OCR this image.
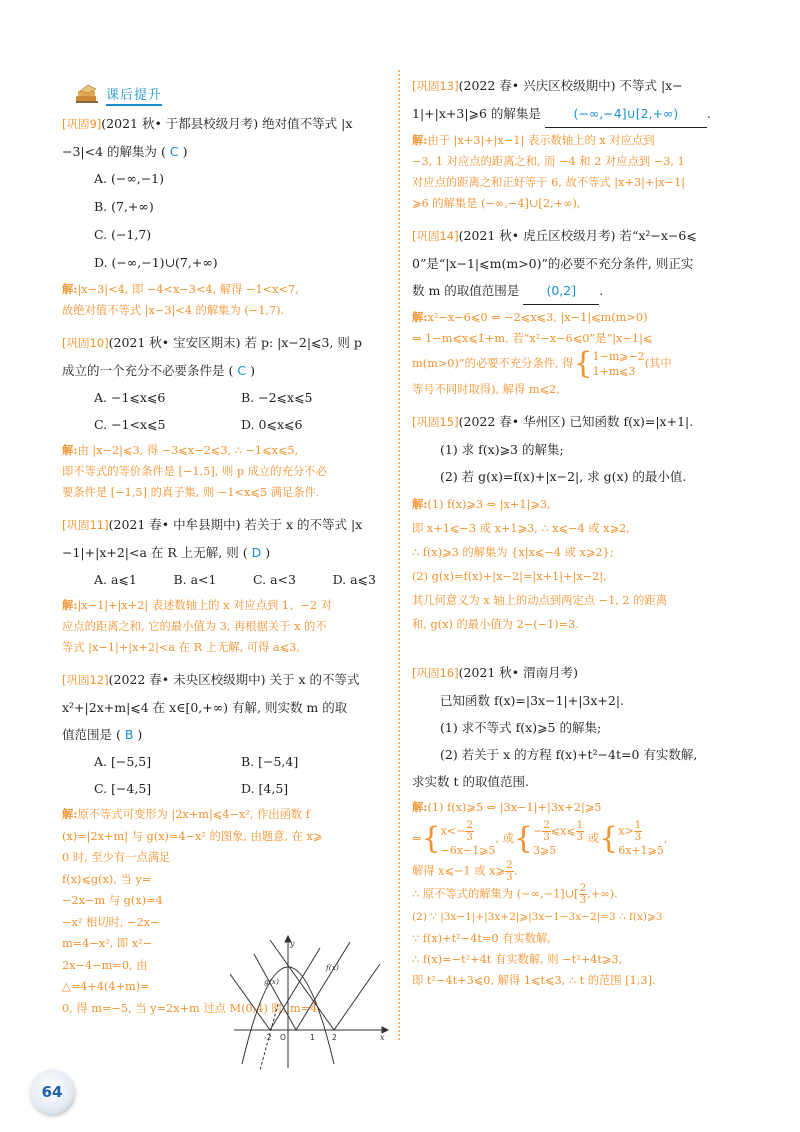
课后提升

[巩固9](2021 秋• 于都县校级月考) 绝对值不等式 |x

−3|<4 的解集为 ( C )

A. (−∞,−1)
B. (7,+∞)
C. (−1,7)
D. (−∞,−1)∪(7,+∞)
解:|x−3|<4, 即 −4<x−3<4, 解得 −1<x<7,
故绝对值不等式 |x−3|<4 的解集为 (−1,7).

[巩固10](2021 秋• 宝安区期末) 若 p: |x−2|⩽3, 则 p

成立的一个充分不必要条件是 ( C )

A. −1⩽x⩽6	B. −2⩽x⩽5
C. −1<x⩽5	D. 0⩽x⩽6
解:由 |x−2|⩽3, 得 −3⩽x−2⩽3, ∴ −1⩽x⩽5,
即不等式的等价条件是 [−1,5], 则 p 成立的充分不必
要条件是 [−1,5] 的真子集, 则 −1<x⩽5 满足条件.

[巩固11](2021 春• 中牟县期中) 若关于 x 的不等式 |x

−1|+|x+2|<a 在 R 上无解, 则 ( D )

A. a⩽1	B. a<1	C. a<3	D. a⩽3
解:|x−1|+|x+2| 表述数轴上的 x 对应点到 1、−2 对
应点的距离之和, 它的最小值为 3, 再根据关于 x 的不
等式 |x−1|+|x+2|<a 在 R 上无解, 可得 a⩽3,

[巩固12](2022 春• 未央区校级期中) 关于 x 的不等式

x²+|2x+m|⩽4 在 x∈[0,+∞) 有解, 则实数 m 的取

值范围是 ( B )

A. [−5,5]	B. [−5,4]
C. [−4,5]	D. [4,5]
解:原不等式可变形为 |2x+m|⩽4−x², 作出函数 f
(x)=|2x+m| 与 g(x)=4−x² 的图象, 由题意, 在 x⩾
0 时, 至少有一点满足
f(x)⩽g(x), 当 y=
−2x−m 与 g(x)=4
−x² 相切时, −2x−
m=4−x², 即 x²−
2x−4−m=0, 由
△=4+4(4+m)=
0, 得 m=−5, 当 y=2x+m 过点 M(0,4) 时, m=4.
y
x
f(x)
g(x)
-2 O	1 2

[巩固13](2022 春• 兴庆区校级期中) 不等式 |x−

1|+|x+3|⩾6 的解集是	(−∞,−4]∪[2,+∞) .

解:由于 |x+3|+|x−1| 表示数轴上的 x 对应点到
−3, 1 对应点的距离之和, 而 −4 和 2 对应点到 −3, 1
对应点的距离之和正好等于 6, 故不等式 |x+3|+|x−1|
⩾6 的解集是 (−∞,−4]∪[2,+∞),

[巩固14](2021 秋• 虎丘区校级月考) 若“x²−x−6⩽

0”是“|x−1|⩽m(m>0)”的必要不充分条件, 则正实

数 m 的取值范围是 (0,2] .

解:x²−x−6⩽0 ⇔ −2⩽x⩽3, |x−1|⩽m(m>0)
⇔ 1−m⩽x⩽1+m, 若“x²−x−6⩽0”是“|x−1|⩽
m(m>0)”的必要不充分条件, 得{1−m⩾−2
1+m⩽3(其中
等号不同时取得), 解得 m⩽2,

[巩固15](2022 春• 华州区) 已知函数 f(x)=|x+1|.

(1) 求 f(x)⩾3 的解集;

(2) 若 g(x)=f(x)+|x−2|, 求 g(x) 的最小值.

解:(1) f(x)⩾3 ⇔ |x+1|⩾3,
即 x+1⩽−3 或 x+1⩾3, ∴ x⩽−4 或 x⩾2,
∴ f(x)⩾3 的解集为 {x|x⩽−4 或 x⩾2};
(2) g(x)=f(x)+|x−2|=|x+1|+|x−2|,
其几何意义为 x 轴上的动点到两定点 −1, 2 的距离
和, g(x) 的最小值为 2−(−1)=3.

[巩固16](2021 秋• 渭南月考)

已知函数 f(x)=|3x−1|+|3x+2|.

(1) 求不等式 f(x)⩾5 的解集;

(2) 若关于 x 的方程 f(x)+t²−4t=0 有实数解,

求实数 t 的取值范围.

解:(1) f(x)⩾5 ⇔ |3x−1|+|3x+2|⩾5

⇔{x<− $\frac{2}{3}$

−6x−1⩾5, 或{− $\frac{2}{3}$ ⩽x⩽ $\frac{1}{3}$

3⩾5 或{$x> \frac{1}{3}$

6x+1⩾5,
解得 x⩽−1 或 x⩾ $\frac{2}{3}$ .
∴ 原不等式的解集为 (−∞,−1]∪[ $\frac{2}{3}$ ,+∞).
(2) ∵ |3x−1|+|3x+2|⩾|3x−1−3x−2|=3 ∴ f(x)⩾3
∵ f(x)+t²−4t=0 有实数解,
∴ f(x)=−t²+4t 有实数解, 则 −t²+4t⩾3,
即 t²−4t+3⩽0, 解得 1⩽t⩽3, ∴ t 的范围 [1,3].
64
